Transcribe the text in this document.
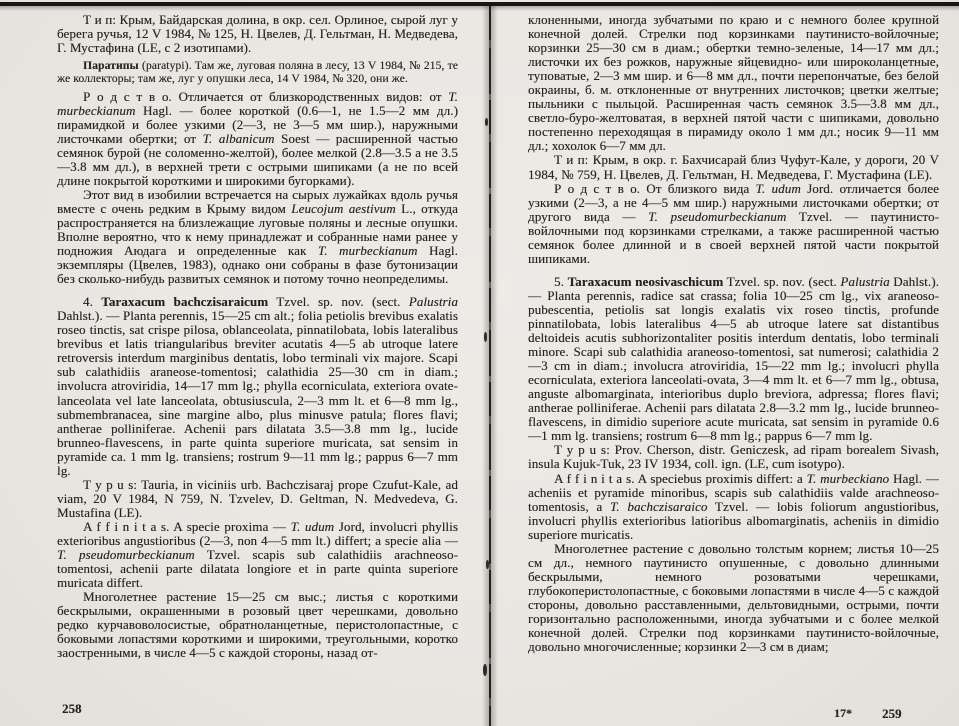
Т и п: Крым, Байдарская долина, в окр. сел. Орлиное, сырой луг у берега ручья, 12 V 1984, № 125, Н. Цвелев, Д. Гельтман, Н. Медведева, Г. Мустафина (LE, с 2 изотипами).

Паратипы (paratypi). Там же, луговая поляна в лесу, 13 V 1984, № 215, те же коллекторы; там же, луг у опушки леса, 14 V 1984, № 320, они же.

Р о д с т в о. Отличается от близкородственных видов: от T. murbeckianum Hagl. — более короткой (0.6—1, не 1.5—2 мм дл.) пирамидкой и более узкими (2—3, не 3—5 мм шир.), наружными листочками обертки; от T. albanicum Soest — расширенной частью семянок бурой (не соломенно-желтой), более мелкой (2.8—3.5 а не 3.5—3.8 мм дл.), в верхней трети с острыми шипиками (а не по всей длине покрытой короткими и широкими бугорками).

Этот вид в изобилии встречается на сырых лужайках вдоль ручья вместе с очень редким в Крыму видом Leucojum aestivum L., откуда распространяется на близлежащие луговые поляны и лесные опушки. Вполне вероятно, что к нему принадлежат и собранные нами ранее у подножия Аюдага и определенные как T. murbeckianum Hagl. экземпляры (Цвелев, 1983), однако они собраны в фазе бутонизации без сколько-нибудь развитых семянок и потому точно неопределимы.

4. Taraxacum bachczisaraicum Tzvel. sp. nov. (sect. Palustria Dahlst.). — Planta perennis, 15—25 cm alt.; folia petiolis brevibus exalatis roseo tinctis, sat crispe pilosa, oblanceolata, pinnatilobata, lobis lateralibus brevibus et latis triangularibus breviter acutatis 4—5 ab utroque latere retroversis interdum marginibus dentatis, lobo terminali vix majore. Scapi sub calathidiis araneose-tomentosi; calathidia 25—30 cm in diam.; involucra atroviridia, 14—17 mm lg.; phylla ecorniculata, exteriora ovate-lanceolata vel late lanceolata, obtusiuscula, 2—3 mm lt. et 6—8 mm lg., submembranacea, sine margine albo, plus minusve patula; flores flavi; antherae polliniferae. Achenii pars dilatata 3.5—3.8 mm lg., lucide brunneo-flavescens, in parte quinta superiore muricata, sat sensim in pyramide ca. 1 mm lg. transiens; rostrum 9—11 mm lg.; pappus 6—7 mm lg.

T y p u s: Tauria, in viciniis urb. Bachczisaraj prope Czufut-Kale, ad viam, 20 V 1984, N 759, N. Tzvelev, D. Geltman, N. Medvedeva, G. Mustafina (LE).

A f f i n i t a s. A specie proxima — T. udum Jord, involucri phyllis exterioribus angustioribus (2—3, non 4—5 mm lt.) differt; a specie alia — T. pseudomurbeckianum Tzvel. scapis sub calathidiis arachneoso-tomentosi, achenii parte dilatata longiore et in parte quinta superiore muricata differt.

Многолетнее растение 15—25 см выс.; листья с короткими бескрылыми, окрашенными в розовый цвет черешками, довольно редко курчавоволосистые, обратноланцетные, перистолопастные, с боковыми лопастями короткими и широкими, треугольными, коротко заостренными, в числе 4—5 с каждой стороны, назад от-

клоненными, иногда зубчатыми по краю и с немного более крупной конечной долей. Стрелки под корзинками паутинисто-войлочные; корзинки 25—30 см в диам.; обертки темно-зеленые, 14—17 мм дл.; листочки их без рожков, наружные яйцевидно- или широколанцетные, туповатые, 2—3 мм шир. и 6—8 мм дл., почти перепончатые, без белой окраины, б. м. отклоненные от внутренних листочков; цветки желтые; пыльники с пыльцой. Расширенная часть семянок 3.5—3.8 мм дл., светло-буро-желтоватая, в верхней пятой части с шипиками, довольно постепенно переходящая в пирамиду около 1 мм дл.; носик 9—11 мм дл.; хохолок 6—7 мм дл.

Т и п: Крым, в окр. г. Бахчисарай близ Чуфут-Кале, у дороги, 20 V 1984, № 759, Н. Цвелев, Д. Гельтман, Н. Медведева, Г. Мустафина (LE).

Р о д с т в о. От близкого вида T. udum Jord. отличается более узкими (2—3, а не 4—5 мм шир.) наружными листочками обертки; от другого вида — T. pseudomurbeckianum Tzvel. — паутинисто-войлочными под корзинками стрелками, а также расширенной частью семянок более длинной и в своей верхней пятой части покрытой шипиками.

5. Taraxacum neosivaschicum Tzvel. sp. nov. (sect. Palustria Dahlst.). — Planta perennis, radice sat crassa; folia 10—25 cm lg., vix araneoso-pubescentia, petiolis sat longis exalatis vix roseo tinctis, profunde pinnatilobata, lobis lateralibus 4—5 ab utroque latere sat distantibus deltoideis acutis subhorizontaliter positis interdum dentatis, lobo terminali minore. Scapi sub calathidia araneoso-tomentosi, sat numerosi; calathidia 2—3 cm in diam.; involucra atroviridia, 15—22 mm lg.; involucri phylla ecorniculata, exteriora lanceolati-ovata, 3—4 mm lt. et 6—7 mm lg., obtusa, anguste albomarginata, interioribus duplo breviora, adpressa; flores flavi; antherae polliniferae. Achenii pars dilatata 2.8—3.2 mm lg., lucide brunneo-flavescens, in dimidio superiore acute muricata, sat sensim in pyramide 0.6—1 mm lg. transiens; rostrum 6—8 mm lg.; pappus 6—7 mm lg.

T y p u s: Prov. Cherson, distr. Geniczesk, ad ripam borealem Sivash, insula Kujuk-Tuk, 23 IV 1934, coll. ign. (LE, cum isotypo).

A f f i n i t a s. A speciebus proximis differt: a T. murbeckiano Hagl. — acheniis et pyramide minoribus, scapis sub calathidiis valde arachneoso-tomentosis, a T. bachczisaraico Tzvel. — lobis foliorum angustioribus, involucri phyllis exterioribus latioribus albomarginatis, acheniis in dimidio superiore muricatis.

Многолетнее растение с довольно толстым корнем; листья 10—25 см дл., немного паутинисто опушенные, с довольно длинными бескрылыми, немного розоватыми черешками, глубокоперистолопастные, с боковыми лопастями в числе 4—5 с каждой стороны, довольно расставленными, дельтовидными, острыми, почти горизонтально расположенными, иногда зубчатыми и с более мелкой конечной долей. Стрелки под корзинками паутинисто-войлочные, довольно многочисленные; корзинки 2—3 см в диам;

258	17* 259
